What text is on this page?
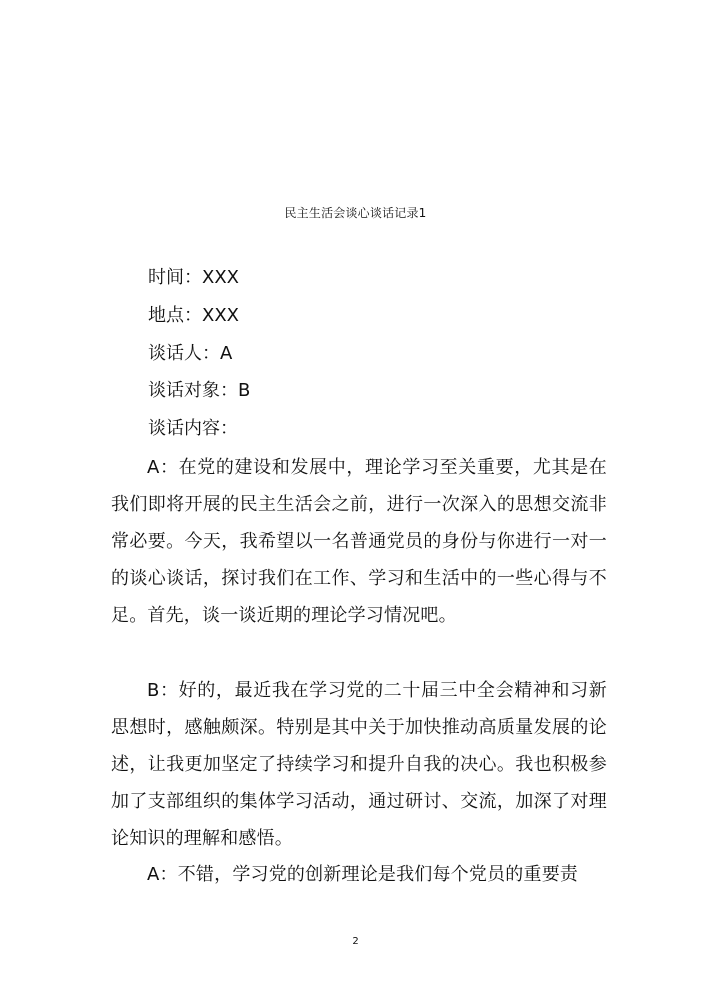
民主生活会谈心谈话记录1
时间：XXX
地点：XXX
谈话人：A
谈话对象：B
谈话内容：

A：在党的建设和发展中，理论学习至关重要，尤其是在我们即将开展的民主生活会之前，进行一次深入的思想交流非常必要。今天，我希望以一名普通党员的身份与你进行一对一的谈心谈话，探讨我们在工作、学习和生活中的一些心得与不足。首先，谈一谈近期的理论学习情况吧。

B：好的，最近我在学习党的二十届三中全会精神和习新思想时，感触颇深。特别是其中关于加快推动高质量发展的论述，让我更加坚定了持续学习和提升自我的决心。我也积极参加了支部组织的集体学习活动，通过研讨、交流，加深了对理论知识的理解和感悟。

A：不错，学习党的创新理论是我们每个党员的重要责

2
